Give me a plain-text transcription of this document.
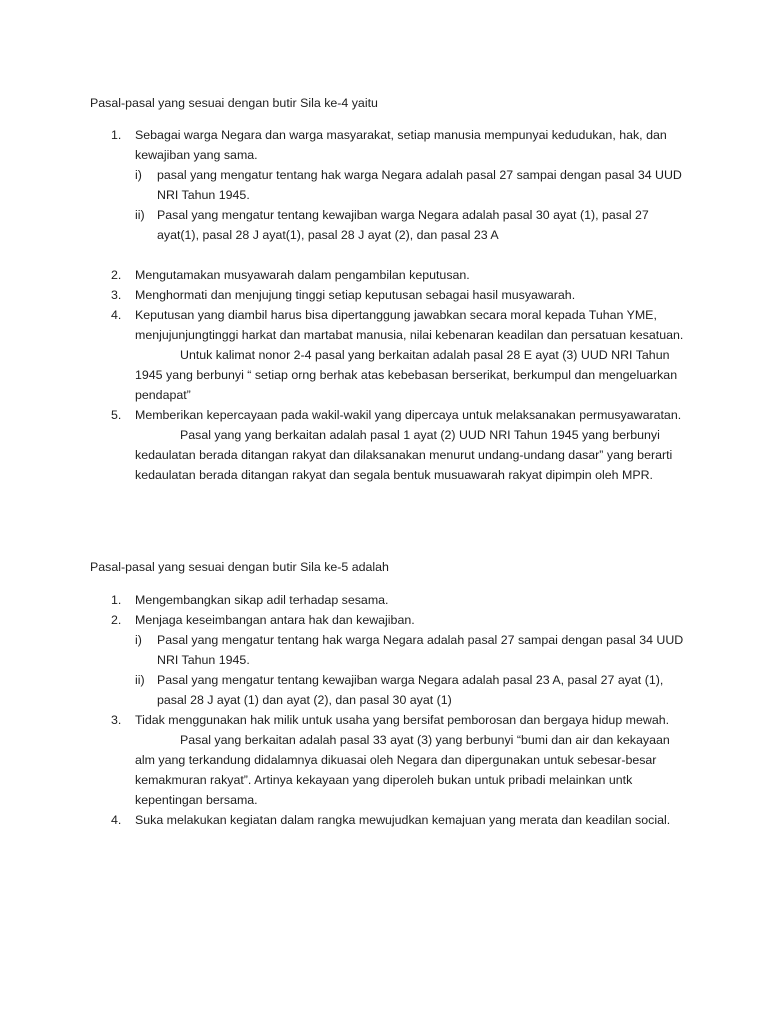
Pasal-pasal yang sesuai dengan butir Sila ke-4 yaitu

1. Sebagai warga Negara dan warga masyarakat, setiap manusia mempunyai kedudukan, hak, dan kewajiban yang sama.
i) pasal yang mengatur tentang hak warga Negara adalah pasal 27 sampai dengan pasal 34 UUD NRI Tahun 1945.
ii) Pasal yang mengatur tentang kewajiban warga Negara adalah pasal 30 ayat (1), pasal 27 ayat(1), pasal 28 J ayat(1), pasal 28 J ayat (2), dan pasal 23 A
2. Mengutamakan musyawarah dalam pengambilan keputusan.
3. Menghormati dan menjujung tinggi setiap keputusan sebagai hasil musyawarah.
4. Keputusan yang diambil harus bisa dipertanggung jawabkan secara moral kepada Tuhan YME, menjujunjungtinggi harkat dan martabat manusia, nilai kebenaran keadilan dan persatuan kesatuan.

Untuk kalimat nonor 2-4 pasal yang berkaitan adalah pasal 28 E ayat (3) UUD NRI Tahun 1945 yang berbunyi “ setiap orng berhak atas kebebasan berserikat, berkumpul dan mengeluarkan pendapat”

5. Memberikan kepercayaan pada wakil-wakil yang dipercaya untuk melaksanakan permusyawaratan.

Pasal yang yang berkaitan adalah pasal 1 ayat (2) UUD NRI Tahun 1945 yang berbunyi kedaulatan berada ditangan rakyat dan dilaksanakan menurut undang-undang dasar” yang berarti kedaulatan berada ditangan rakyat dan segala bentuk musuawarah rakyat dipimpin oleh MPR.

Pasal-pasal yang sesuai dengan butir Sila ke-5 adalah

1. Mengembangkan sikap adil terhadap sesama.
2. Menjaga keseimbangan antara hak dan kewajiban.
i) Pasal yang mengatur tentang hak warga Negara adalah pasal 27 sampai dengan pasal 34 UUD NRI Tahun 1945.
ii) Pasal yang mengatur tentang kewajiban warga Negara adalah pasal 23 A, pasal 27 ayat (1), pasal 28 J ayat (1) dan ayat (2), dan pasal 30 ayat (1)
3. Tidak menggunakan hak milik untuk usaha yang bersifat pemborosan dan bergaya hidup mewah.

Pasal yang berkaitan adalah pasal 33 ayat (3) yang berbunyi “bumi dan air dan kekayaan alm yang terkandung didalamnya dikuasai oleh Negara dan dipergunakan untuk sebesar-besar kemakmuran rakyat”. Artinya kekayaan yang diperoleh bukan untuk pribadi melainkan untk kepentingan bersama.

4. Suka melakukan kegiatan dalam rangka mewujudkan kemajuan yang merata dan keadilan social.
